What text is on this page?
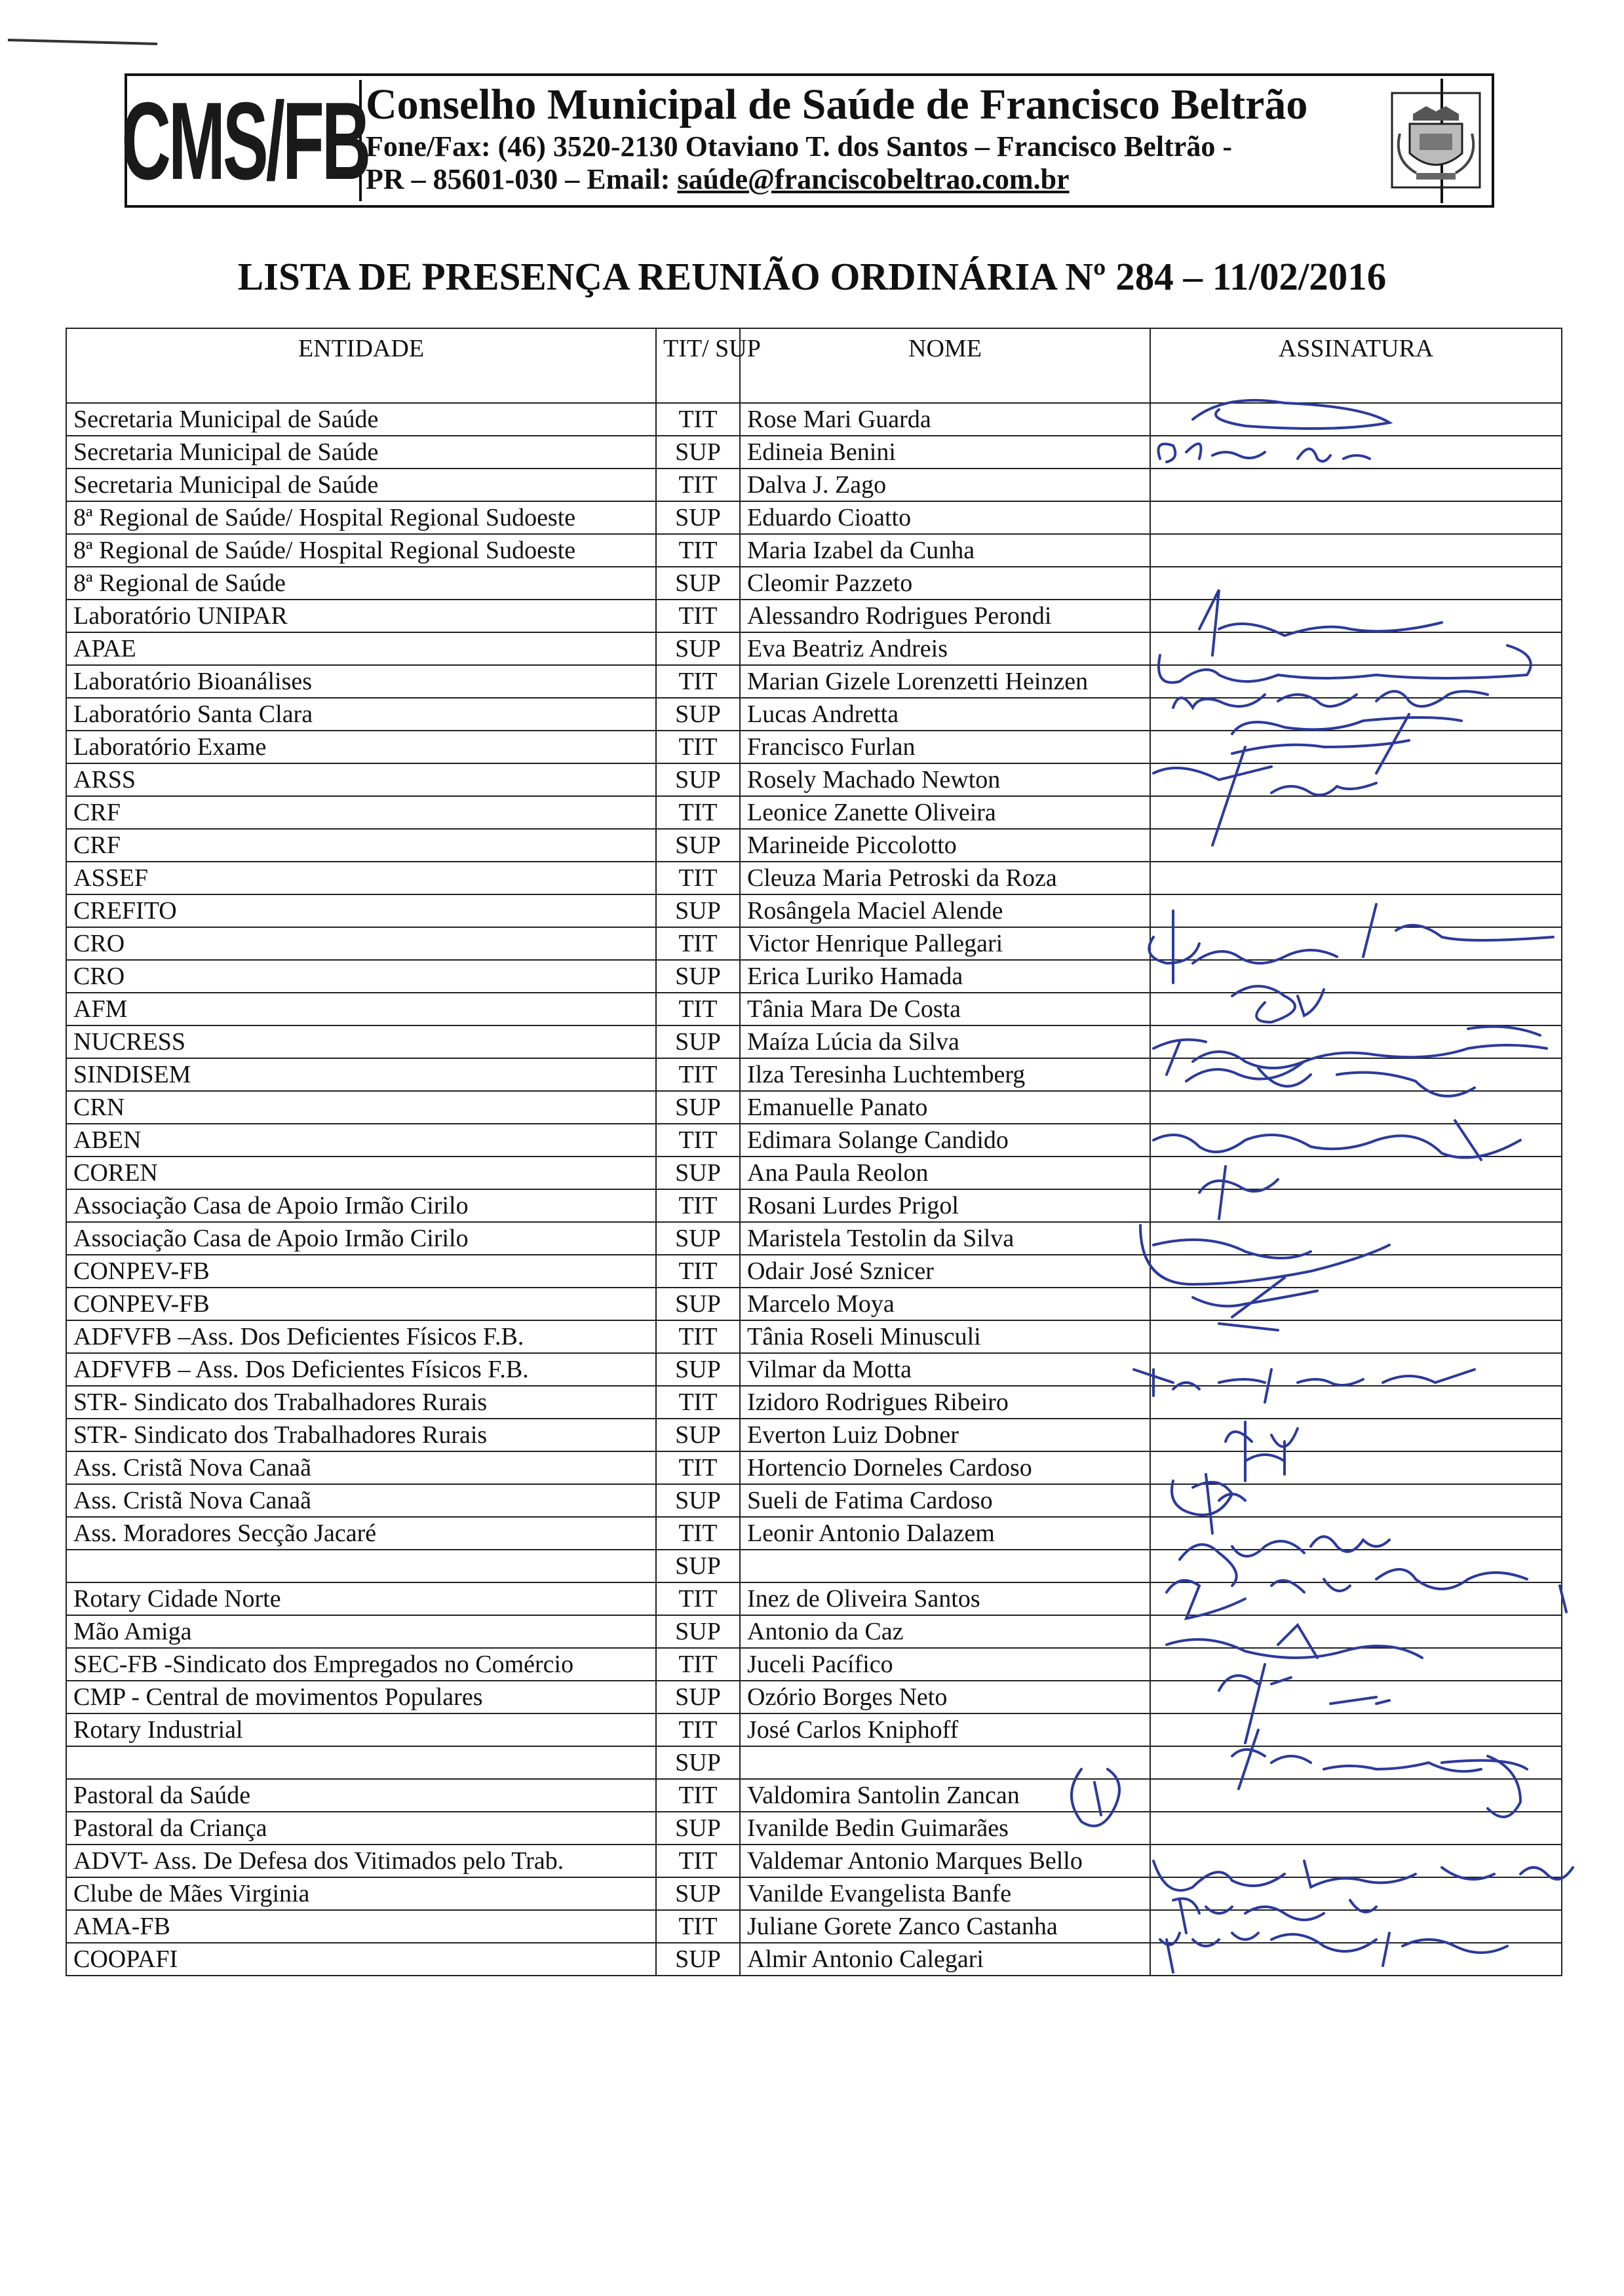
CMS/FB
Conselho Municipal de Saúde de Francisco Beltrão
Fone/Fax: (46) 3520-2130 Otaviano T. dos Santos – Francisco Beltrão -
PR – 85601-030 – Email: saúde@franciscobeltrao.com.br
LISTA DE PRESENÇA REUNIÃO ORDINÁRIA Nº 284 – 11/02/2016
ENTIDADE	TIT/ SUP	NOME	ASSINATURA
Secretaria Municipal de Saúde	TIT	Rose Mari Guarda	
Secretaria Municipal de Saúde	SUP	Edineia Benini	
Secretaria Municipal de Saúde	TIT	Dalva J. Zago	
8ª Regional de Saúde/ Hospital Regional Sudoeste	SUP	Eduardo Cioatto	
8ª Regional de Saúde/ Hospital Regional Sudoeste	TIT	Maria Izabel da Cunha	
8ª Regional de Saúde	SUP	Cleomir Pazzeto	
Laboratório UNIPAR	TIT	Alessandro Rodrigues Perondi	
APAE	SUP	Eva Beatriz Andreis	
Laboratório Bioanálises	TIT	Marian Gizele Lorenzetti Heinzen	
Laboratório Santa Clara	SUP	Lucas Andretta	
Laboratório Exame	TIT	Francisco Furlan	
ARSS	SUP	Rosely Machado Newton	
CRF	TIT	Leonice Zanette Oliveira	
CRF	SUP	Marineide Piccolotto	
ASSEF	TIT	Cleuza Maria Petroski da Roza	
CREFITO	SUP	Rosângela Maciel Alende	
CRO	TIT	Victor Henrique Pallegari	
CRO	SUP	Erica Luriko Hamada	
AFM	TIT	Tânia Mara De Costa	
NUCRESS	SUP	Maíza Lúcia da Silva	
SINDISEM	TIT	Ilza Teresinha Luchtemberg	
CRN	SUP	Emanuelle Panato	
ABEN	TIT	Edimara Solange Candido	
COREN	SUP	Ana Paula Reolon	
Associação Casa de Apoio Irmão Cirilo	TIT	Rosani Lurdes Prigol	
Associação Casa de Apoio Irmão Cirilo	SUP	Maristela Testolin da Silva	
CONPEV-FB	TIT	Odair José Sznicer	
CONPEV-FB	SUP	Marcelo Moya	
ADFVFB –Ass. Dos Deficientes Físicos F.B.	TIT	Tânia Roseli Minusculi	
ADFVFB – Ass. Dos Deficientes Físicos F.B.	SUP	Vilmar da Motta	
STR- Sindicato dos Trabalhadores Rurais	TIT	Izidoro Rodrigues Ribeiro	
STR- Sindicato dos Trabalhadores Rurais	SUP	Everton Luiz Dobner	
Ass. Cristã Nova Canaã	TIT	Hortencio Dorneles Cardoso	
Ass. Cristã Nova Canaã	SUP	Sueli de Fatima Cardoso	
Ass. Moradores Secção Jacaré	TIT	Leonir Antonio Dalazem	
	SUP		
Rotary Cidade Norte	TIT	Inez de Oliveira Santos	
Mão Amiga	SUP	Antonio da Caz	
SEC-FB -Sindicato dos Empregados no Comércio	TIT	Juceli Pacífico	
CMP - Central de movimentos Populares	SUP	Ozório Borges Neto	
Rotary Industrial	TIT	José Carlos Kniphoff	
	SUP		
Pastoral da Saúde	TIT	Valdomira Santolin Zancan	
Pastoral da Criança	SUP	Ivanilde Bedin Guimarães	
ADVT- Ass. De Defesa dos Vitimados pelo Trab.	TIT	Valdemar Antonio Marques Bello	
Clube de Mães Virginia	SUP	Vanilde Evangelista Banfe	
AMA-FB	TIT	Juliane Gorete Zanco Castanha	
COOPAFI	SUP	Almir Antonio Calegari	
